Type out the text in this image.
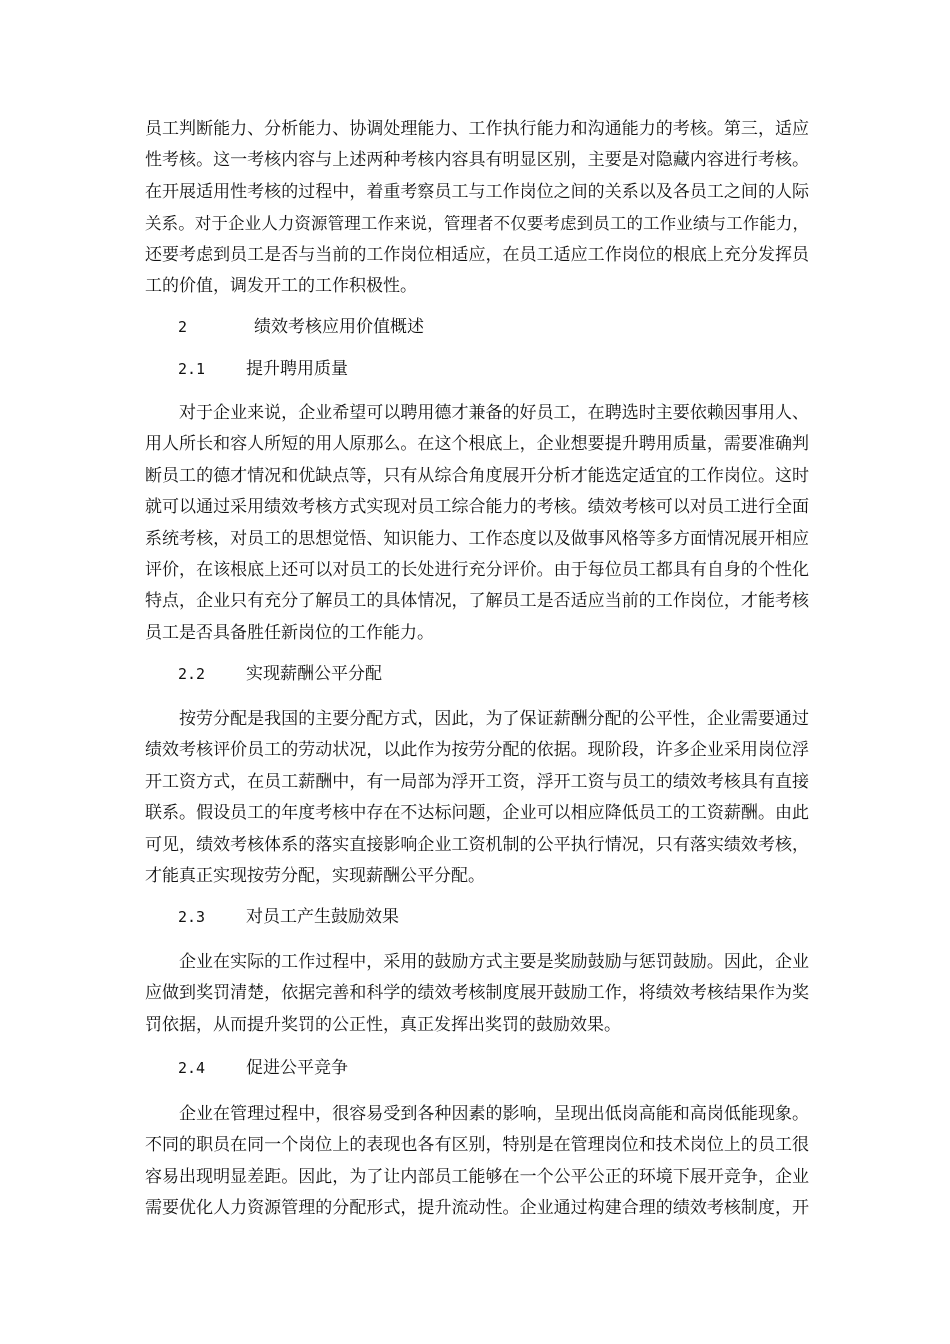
员工判断能力、分析能力、协调处理能力、工作执行能力和沟通能力的考核。第三，适应
性考核。这一考核内容与上述两种考核内容具有明显区别，主要是对隐藏内容进行考核。
在开展适用性考核的过程中，着重考察员工与工作岗位之间的关系以及各员工之间的人际
关系。对于企业人力资源管理工作来说，管理者不仅要考虑到员工的工作业绩与工作能力，
还要考虑到员工是否与当前的工作岗位相适应，在员工适应工作岗位的根底上充分发挥员
工的价值，调发开工的工作积极性。
2	绩效考核应用价值概述
2.1 提升聘用质量
对于企业来说，企业希望可以聘用德才兼备的好员工，在聘选时主要依赖因事用人、
用人所长和容人所短的用人原那么。在这个根底上，企业想要提升聘用质量，需要准确判
断员工的德才情况和优缺点等，只有从综合角度展开分析才能选定适宜的工作岗位。这时
就可以通过采用绩效考核方式实现对员工综合能力的考核。绩效考核可以对员工进行全面
系统考核，对员工的思想觉悟、知识能力、工作态度以及做事风格等多方面情况展开相应
评价，在该根底上还可以对员工的长处进行充分评价。由于每位员工都具有自身的个性化
特点，企业只有充分了解员工的具体情况，了解员工是否适应当前的工作岗位，才能考核
员工是否具备胜任新岗位的工作能力。
2.2 实现薪酬公平分配
按劳分配是我国的主要分配方式，因此，为了保证薪酬分配的公平性，企业需要通过
绩效考核评价员工的劳动状况，以此作为按劳分配的依据。现阶段，许多企业采用岗位浮
开工资方式，在员工薪酬中，有一局部为浮开工资，浮开工资与员工的绩效考核具有直接
联系。假设员工的年度考核中存在不达标问题，企业可以相应降低员工的工资薪酬。由此
可见，绩效考核体系的落实直接影响企业工资机制的公平执行情况，只有落实绩效考核，
才能真正实现按劳分配，实现薪酬公平分配。
2.3 对员工产生鼓励效果
企业在实际的工作过程中，采用的鼓励方式主要是奖励鼓励与惩罚鼓励。因此，企业
应做到奖罚清楚，依据完善和科学的绩效考核制度展开鼓励工作，将绩效考核结果作为奖
罚依据，从而提升奖罚的公正性，真正发挥出奖罚的鼓励效果。
2.4 促进公平竞争
企业在管理过程中，很容易受到各种因素的影响，呈现出低岗高能和高岗低能现象。
不同的职员在同一个岗位上的表现也各有区别，特别是在管理岗位和技术岗位上的员工很
容易出现明显差距。因此，为了让内部员工能够在一个公平公正的环境下展开竞争，企业
需要优化人力资源管理的分配形式，提升流动性。企业通过构建合理的绩效考核制度，开
